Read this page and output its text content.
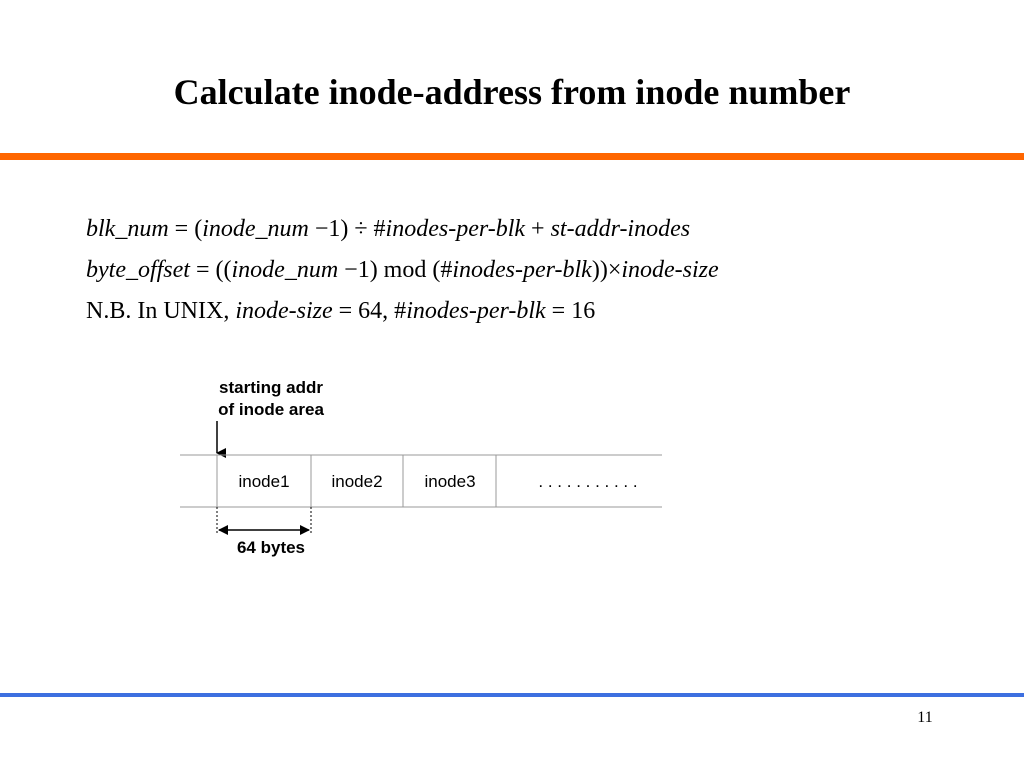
Calculate inode-address from inode number
blk_num = (inode_num −1) ÷ #inodes-per-blk + st-addr-inodes
byte_offset = ((inode_num −1) mod (#inodes-per-blk))×inode-size
N.B. In UNIX, inode-size = 64, #inodes-per-blk = 16
starting addr
of inode area
inode1 inode2 inode3	. . . . . . . . . . .
64 bytes
11
